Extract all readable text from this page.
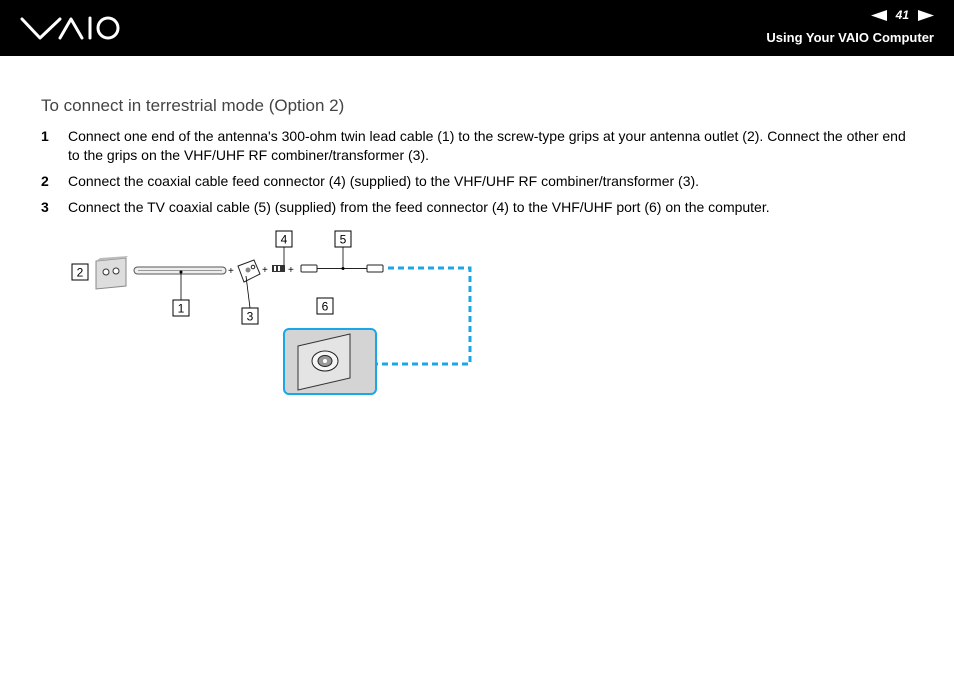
41
Using Your VAIO Computer
To connect in terrestrial mode (Option 2)
1 Connect one end of the antenna's 300-ohm twin lead cable (1) to the screw-type grips at your antenna outlet (2). Connect the other end to the grips on the VHF/UHF RF combiner/transformer (3).
2 Connect the coaxial cable feed connector (4) (supplied) to the VHF/UHF RF combiner/transformer (3).
3 Connect the TV coaxial cable (5) (supplied) from the feed connector (4) to the VHF/UHF port (6) on the computer.
+	+ +
2
1
3
4	5
6
